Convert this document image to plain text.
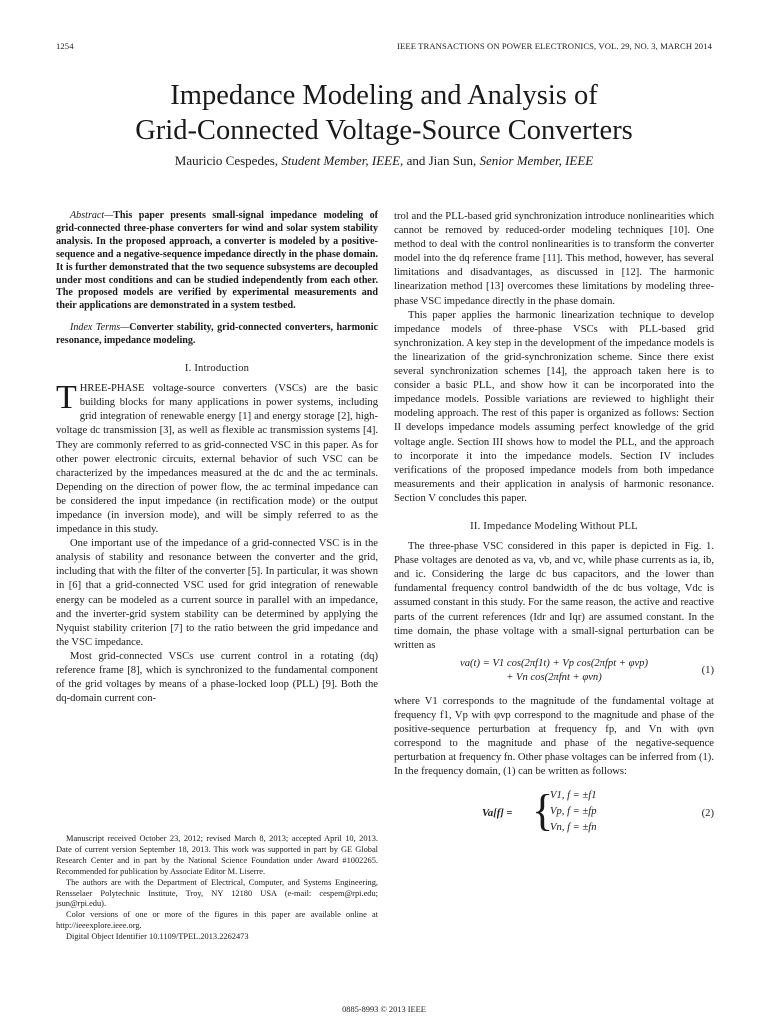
1254	IEEE TRANSACTIONS ON POWER ELECTRONICS, VOL. 29, NO. 3, MARCH 2014
Impedance Modeling and Analysis of
Grid-Connected Voltage-Source Converters
Mauricio Cespedes, Student Member, IEEE, and Jian Sun, Senior Member, IEEE

Abstract—This paper presents small-signal impedance modeling of grid-connected three-phase converters for wind and solar system stability analysis. In the proposed approach, a converter is modeled by a positive-sequence and a negative-sequence impedance directly in the phase domain. It is further demonstrated that the two sequence subsystems are decoupled under most conditions and can be studied independently from each other. The proposed models are verified by experimental measurements and their applications are demonstrated in a system testbed.

Index Terms—Converter stability, grid-connected converters, harmonic resonance, impedance modeling.

I. Introduction

THREE-PHASE voltage-source converters (VSCs) are the basic building blocks for many applications in power systems, including grid integration of renewable energy [1] and energy storage [2], high-voltage dc transmission [3], as well as flexible ac transmission systems [4]. They are commonly referred to as grid-connected VSC in this paper. As for other power electronic circuits, external behavior of such VSC can be characterized by the impedances measured at the dc and the ac terminals. Depending on the direction of power flow, the ac terminal impedance can be considered the input impedance (in rectification mode) or the output impedance (in inversion mode), and will be simply referred to as the impedance in this study.

One important use of the impedance of a grid-connected VSC is in the analysis of stability and resonance between the converter and the grid, including that with the filter of the converter [5]. In particular, it was shown in [6] that a grid-connected VSC used for grid integration of renewable energy can be modeled as a current source in parallel with an impedance, and the inverter-grid system stability can be determined by applying the Nyquist stability criterion [7] to the ratio between the grid impedance and the VSC impedance.

Most grid-connected VSCs use current control in a rotating (dq) reference frame [8], which is synchronized to the fundamental component of the grid voltages by means of a phase-locked loop (PLL) [9]. Both the dq-domain current con-

Manuscript received October 23, 2012; revised March 8, 2013; accepted April 10, 2013. Date of current version September 18, 2013. This work was supported in part by GE Global Research Center and in part by the National Science Foundation under Award #1002265. Recommended for publication by Associate Editor M. Liserre.

The authors are with the Department of Electrical, Computer, and Systems Engineering, Rensselaer Polytechnic Institute, Troy, NY 12180 USA (e-mail: cespem@rpi.edu; jsun@rpi.edu).

Color versions of one or more of the figures in this paper are available online at http://ieeexplore.ieee.org.

Digital Object Identifier 10.1109/TPEL.2013.2262473

trol and the PLL-based grid synchronization introduce nonlinearities which cannot be removed by reduced-order modeling techniques [10]. One method to deal with the control nonlinearities is to transform the converter model into the dq reference frame [11]. This method, however, has several limitations and disadvantages, as discussed in [12]. The harmonic linearization method [13] overcomes these limitations by modeling three-phase VSC impedance directly in the phase domain.

This paper applies the harmonic linearization technique to develop impedance models of three-phase VSCs with PLL-based grid synchronization. A key step in the development of the impedance models is the linearization of the grid-synchronization scheme. Since there exist several synchronization schemes [14], the approach taken here is to consider a basic PLL, and show how it can be incorporated into the impedance models. Possible variations are reviewed to highlight their modeling approach. The rest of this paper is organized as follows: Section II develops impedance models assuming perfect knowledge of the grid voltage angle. Section III shows how to model the PLL, and the approach to incorporate it into the impedance models. Section IV includes verifications of the proposed impedance models from both impedance measurements and their application in analysis of harmonic resonance. Section V concludes this paper.

II. Impedance Modeling Without PLL

The three-phase VSC considered in this paper is depicted in Fig. 1. Phase voltages are denoted as va, vb, and vc, while phase currents as ia, ib, and ic. Considering the large dc bus capacitors, and the lower than fundamental frequency control bandwidth of the dc bus voltage, Vdc is assumed constant in this study. For the same reason, the active and reactive parts of the current references (Idr and Iqr) are assumed constant. In the time domain, the phase voltage with a small-signal perturbation can be written as

va(t) = V1 cos(2πf1t) + Vp cos(2πfpt + φvp)
+ Vn cos(2πfnt + φvn)
(1)

where V1 corresponds to the magnitude of the fundamental voltage at frequency f1, Vp with φvp correspond to the magnitude and phase of the positive-sequence perturbation at frequency fp, and Vn with φvn correspond to the magnitude and phase of the negative-sequence perturbation at frequency fn. Other phase voltages can be inferred from (1). In the frequency domain, (1) can be written as follows:

Va[f] = {
V1, f = ±f1
Vp, f = ±fp
Vn, f = ±fn
(2)
0885-8993 © 2013 IEEE
